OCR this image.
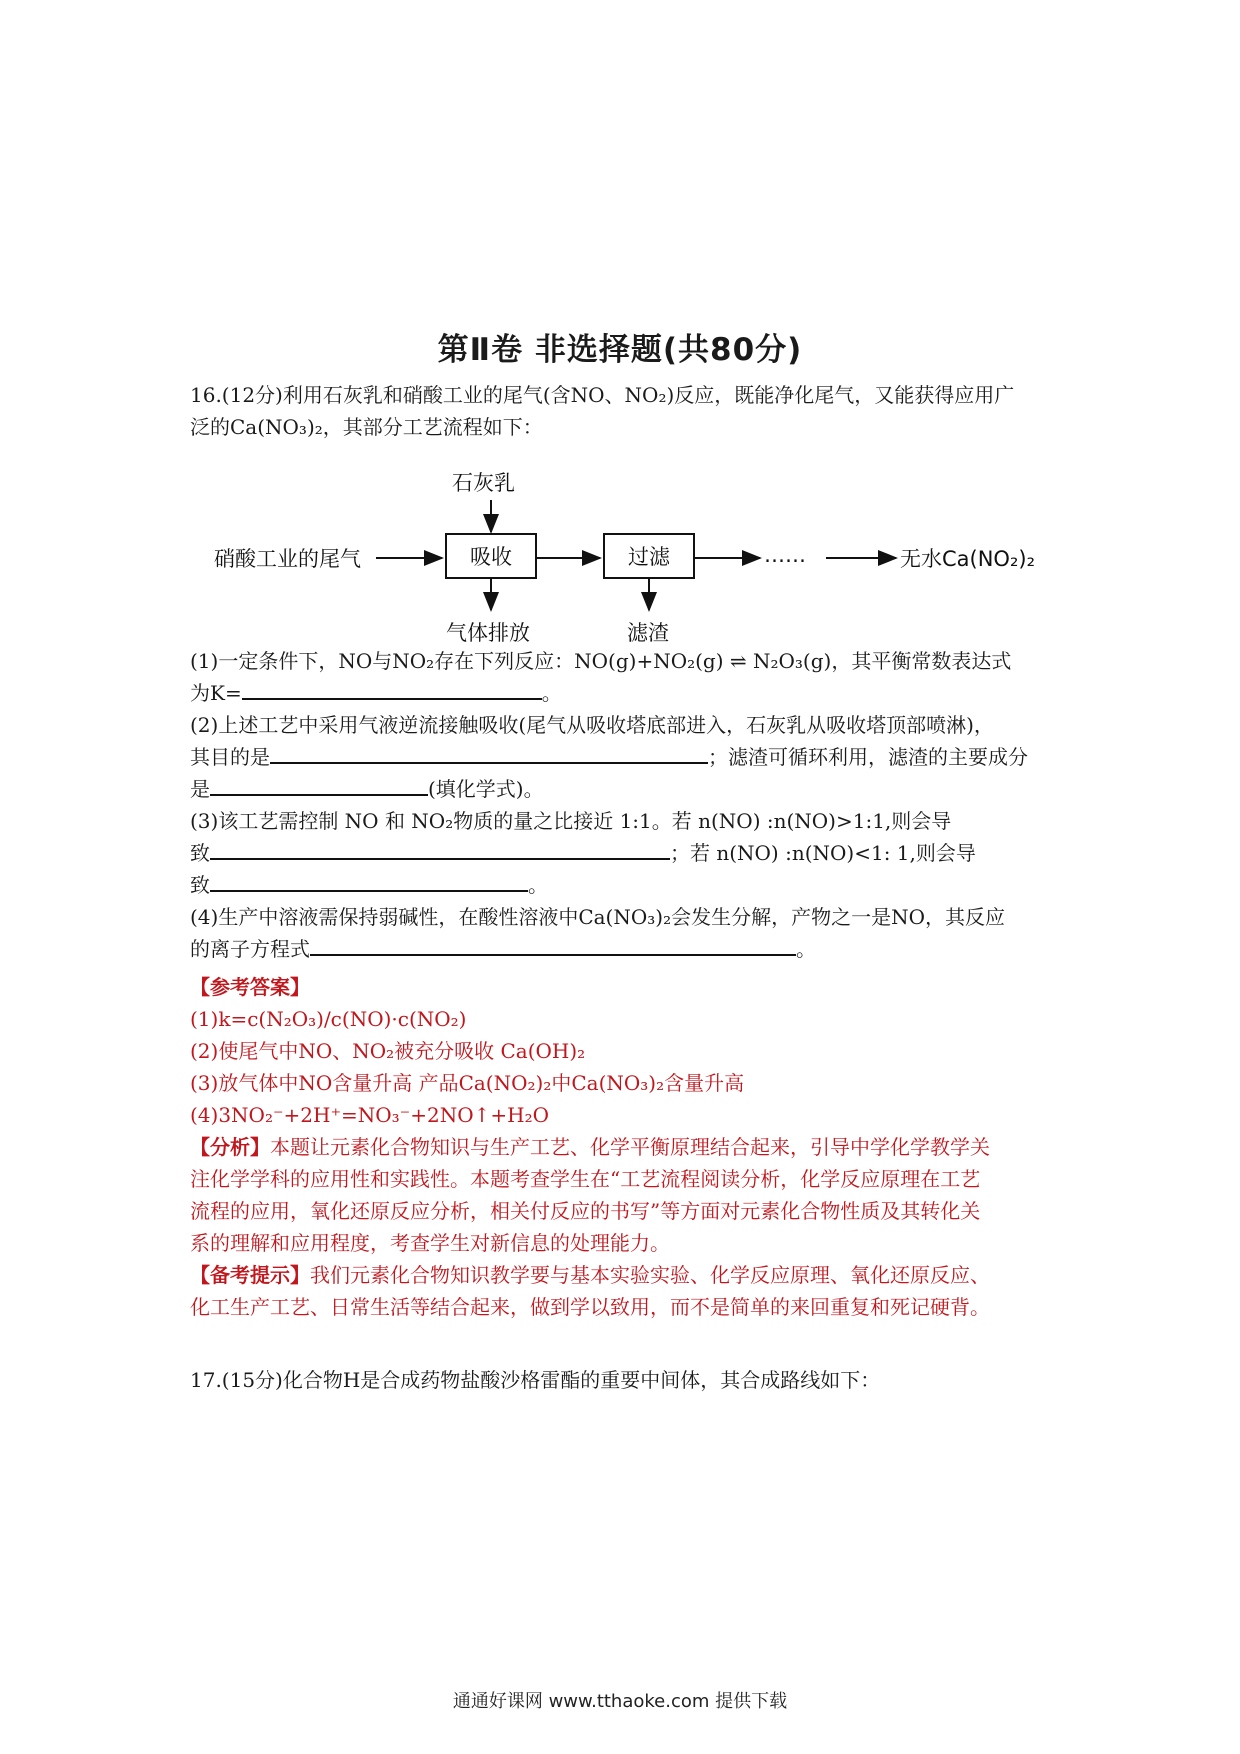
第Ⅱ卷 非选择题(共80分)
16.(12分)利用石灰乳和硝酸工业的尾气(含NO、NO₂)反应，既能净化尾气，又能获得应用广
泛的Ca(NO₃)₂，其部分工艺流程如下：
硝酸工业的尾气	吸收
石灰乳
气体排放
过滤
滤渣
……	无水Ca(NO₂)₂
(1)一定条件下，NO与NO₂存在下列反应：NO(g)+NO₂(g) ⇌ N₂O₃(g)，其平衡常数表达式
为K=	。
(2)上述工艺中采用气液逆流接触吸收(尾气从吸收塔底部进入，石灰乳从吸收塔顶部喷淋)，
其目的是	；滤渣可循环利用，滤渣的主要成分
是	(填化学式)。
(3)该工艺需控制 NO 和 NO₂物质的量之比接近 1:1。若 n(NO) :n(NO)>1:1,则会导
致	；若 n(NO) :n(NO)<1: 1,则会导
致	。
(4)生产中溶液需保持弱碱性，在酸性溶液中Ca(NO₃)₂会发生分解，产物之一是NO，其反应
的离子方程式	。
【参考答案】
(1)k=c(N₂O₃)/c(NO)·c(NO₂)
(2)使尾气中NO、NO₂被充分吸收 Ca(OH)₂
(3)放气体中NO含量升高 产品Ca(NO₂)₂中Ca(NO₃)₂含量升高
(4)3NO₂⁻+2H⁺=NO₃⁻+2NO↑+H₂O
【分析】本题让元素化合物知识与生产工艺、化学平衡原理结合起来，引导中学化学教学关
注化学学科的应用性和实践性。本题考查学生在“工艺流程阅读分析，化学反应原理在工艺
流程的应用，氧化还原反应分析，相关付反应的书写”等方面对元素化合物性质及其转化关
系的理解和应用程度，考查学生对新信息的处理能力。
【备考提示】我们元素化合物知识教学要与基本实验实验、化学反应原理、氧化还原反应、
化工生产工艺、日常生活等结合起来，做到学以致用，而不是简单的来回重复和死记硬背。
17.(15分)化合物H是合成药物盐酸沙格雷酯的重要中间体，其合成路线如下：
通通好课网 www.tthaoke.com 提供下载
